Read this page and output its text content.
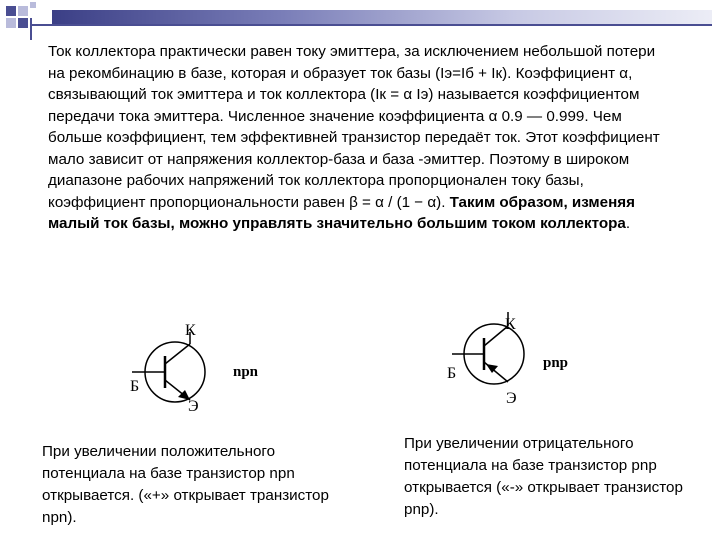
Ток коллектора практически равен току эмиттера, за исключением небольшой потери на рекомбинацию в базе, которая и образует ток базы (Iэ=Iб + Iк). Коэффициент α, связывающий ток эмиттера и ток коллектора (Iк = α Iэ) называется коэффициентом передачи тока эмиттера. Численное значение коэффициента α 0.9 — 0.999. Чем больше коэффициент, тем эффективней транзистор передаёт ток. Этот коэффициент мало зависит от напряжения коллектор-база и база -эмиттер. Поэтому в широком диапазоне рабочих напряжений ток коллектора пропорционален току базы, коэффициент пропорциональности равен β = α / (1 − α). Таким образом, изменяя малый ток базы, можно управлять значительно большим током коллектора.

К
Б
Э
npn
К
Б
Э
pnp

При увеличении положительного потенциала на базе транзистор npn открывается. («+» открывает транзистор npn).

При увеличении отрицательного потенциала на базе транзистор pnp открывается («-» открывает транзистор pnp).
